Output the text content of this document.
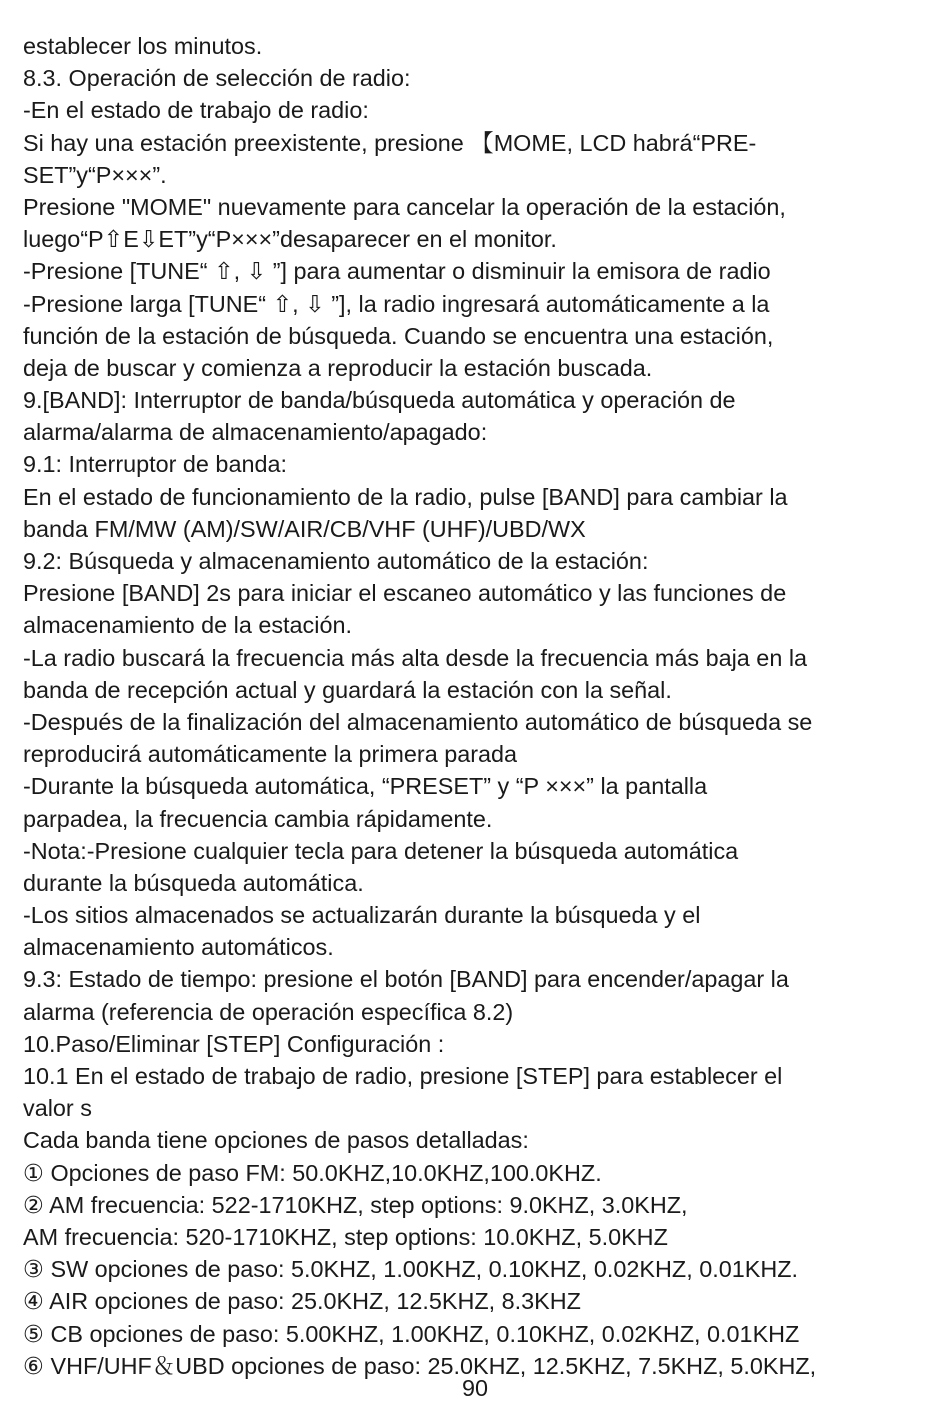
establecer los minutos.
8.3. Operación de selección de radio:
-En el estado de trabajo de radio:
Si hay una estación preexistente, presione 【MOME, LCD habrá“PRE-
SET”y“P×××”.
Presione "MOME" nuevamente para cancelar la operación de la estación,
luego“P⇧E⇩ET”y“P×××”desaparecer en el monitor.
-Presione [TUNE“ ⇧, ⇩ ”] para aumentar o disminuir la emisora de radio
-Presione larga [TUNE“ ⇧, ⇩ ”], la radio ingresará automáticamente a la
función de la estación de búsqueda. Cuando se encuentra una estación,
deja de buscar y comienza a reproducir la estación buscada.
9.[BAND]: Interruptor de banda/búsqueda automática y operación de
alarma/alarma de almacenamiento/apagado:
9.1: Interruptor de banda:
En el estado de funcionamiento de la radio, pulse [BAND] para cambiar la
banda FM/MW (AM)/SW/AIR/CB/VHF (UHF)/UBD/WX
9.2: Búsqueda y almacenamiento automático de la estación:
Presione [BAND] 2s para iniciar el escaneo automático y las funciones de
almacenamiento de la estación.
-La radio buscará la frecuencia más alta desde la frecuencia más baja en la
banda de recepción actual y guardará la estación con la señal.
-Después de la finalización del almacenamiento automático de búsqueda se
reproducirá automáticamente la primera parada
-Durante la búsqueda automática, “PRESET” y “P ×××” la pantalla
parpadea, la frecuencia cambia rápidamente.
-Nota:-Presione cualquier tecla para detener la búsqueda automática
durante la búsqueda automática.
-Los sitios almacenados se actualizarán durante la búsqueda y el
almacenamiento automáticos.
9.3: Estado de tiempo: presione el botón [BAND] para encender/apagar la
alarma (referencia de operación específica 8.2)
10.Paso/Eliminar [STEP] Configuración :
10.1 En el estado de trabajo de radio, presione [STEP] para establecer el
valor s
Cada banda tiene opciones de pasos detalladas:
① Opciones de paso FM: 50.0KHZ,10.0KHZ,100.0KHZ.
② AM frecuencia: 522-1710KHZ, step options: 9.0KHZ, 3.0KHZ,
AM frecuencia: 520-1710KHZ, step options: 10.0KHZ, 5.0KHZ
③ SW opciones de paso: 5.0KHZ, 1.00KHZ, 0.10KHZ, 0.02KHZ, 0.01KHZ.
④ AIR opciones de paso: 25.0KHZ, 12.5KHZ, 8.3KHZ
⑤ CB opciones de paso: 5.00KHZ, 1.00KHZ, 0.10KHZ, 0.02KHZ, 0.01KHZ
⑥ VHF/UHF＆UBD opciones de paso: 25.0KHZ, 12.5KHZ, 7.5KHZ, 5.0KHZ,
90
